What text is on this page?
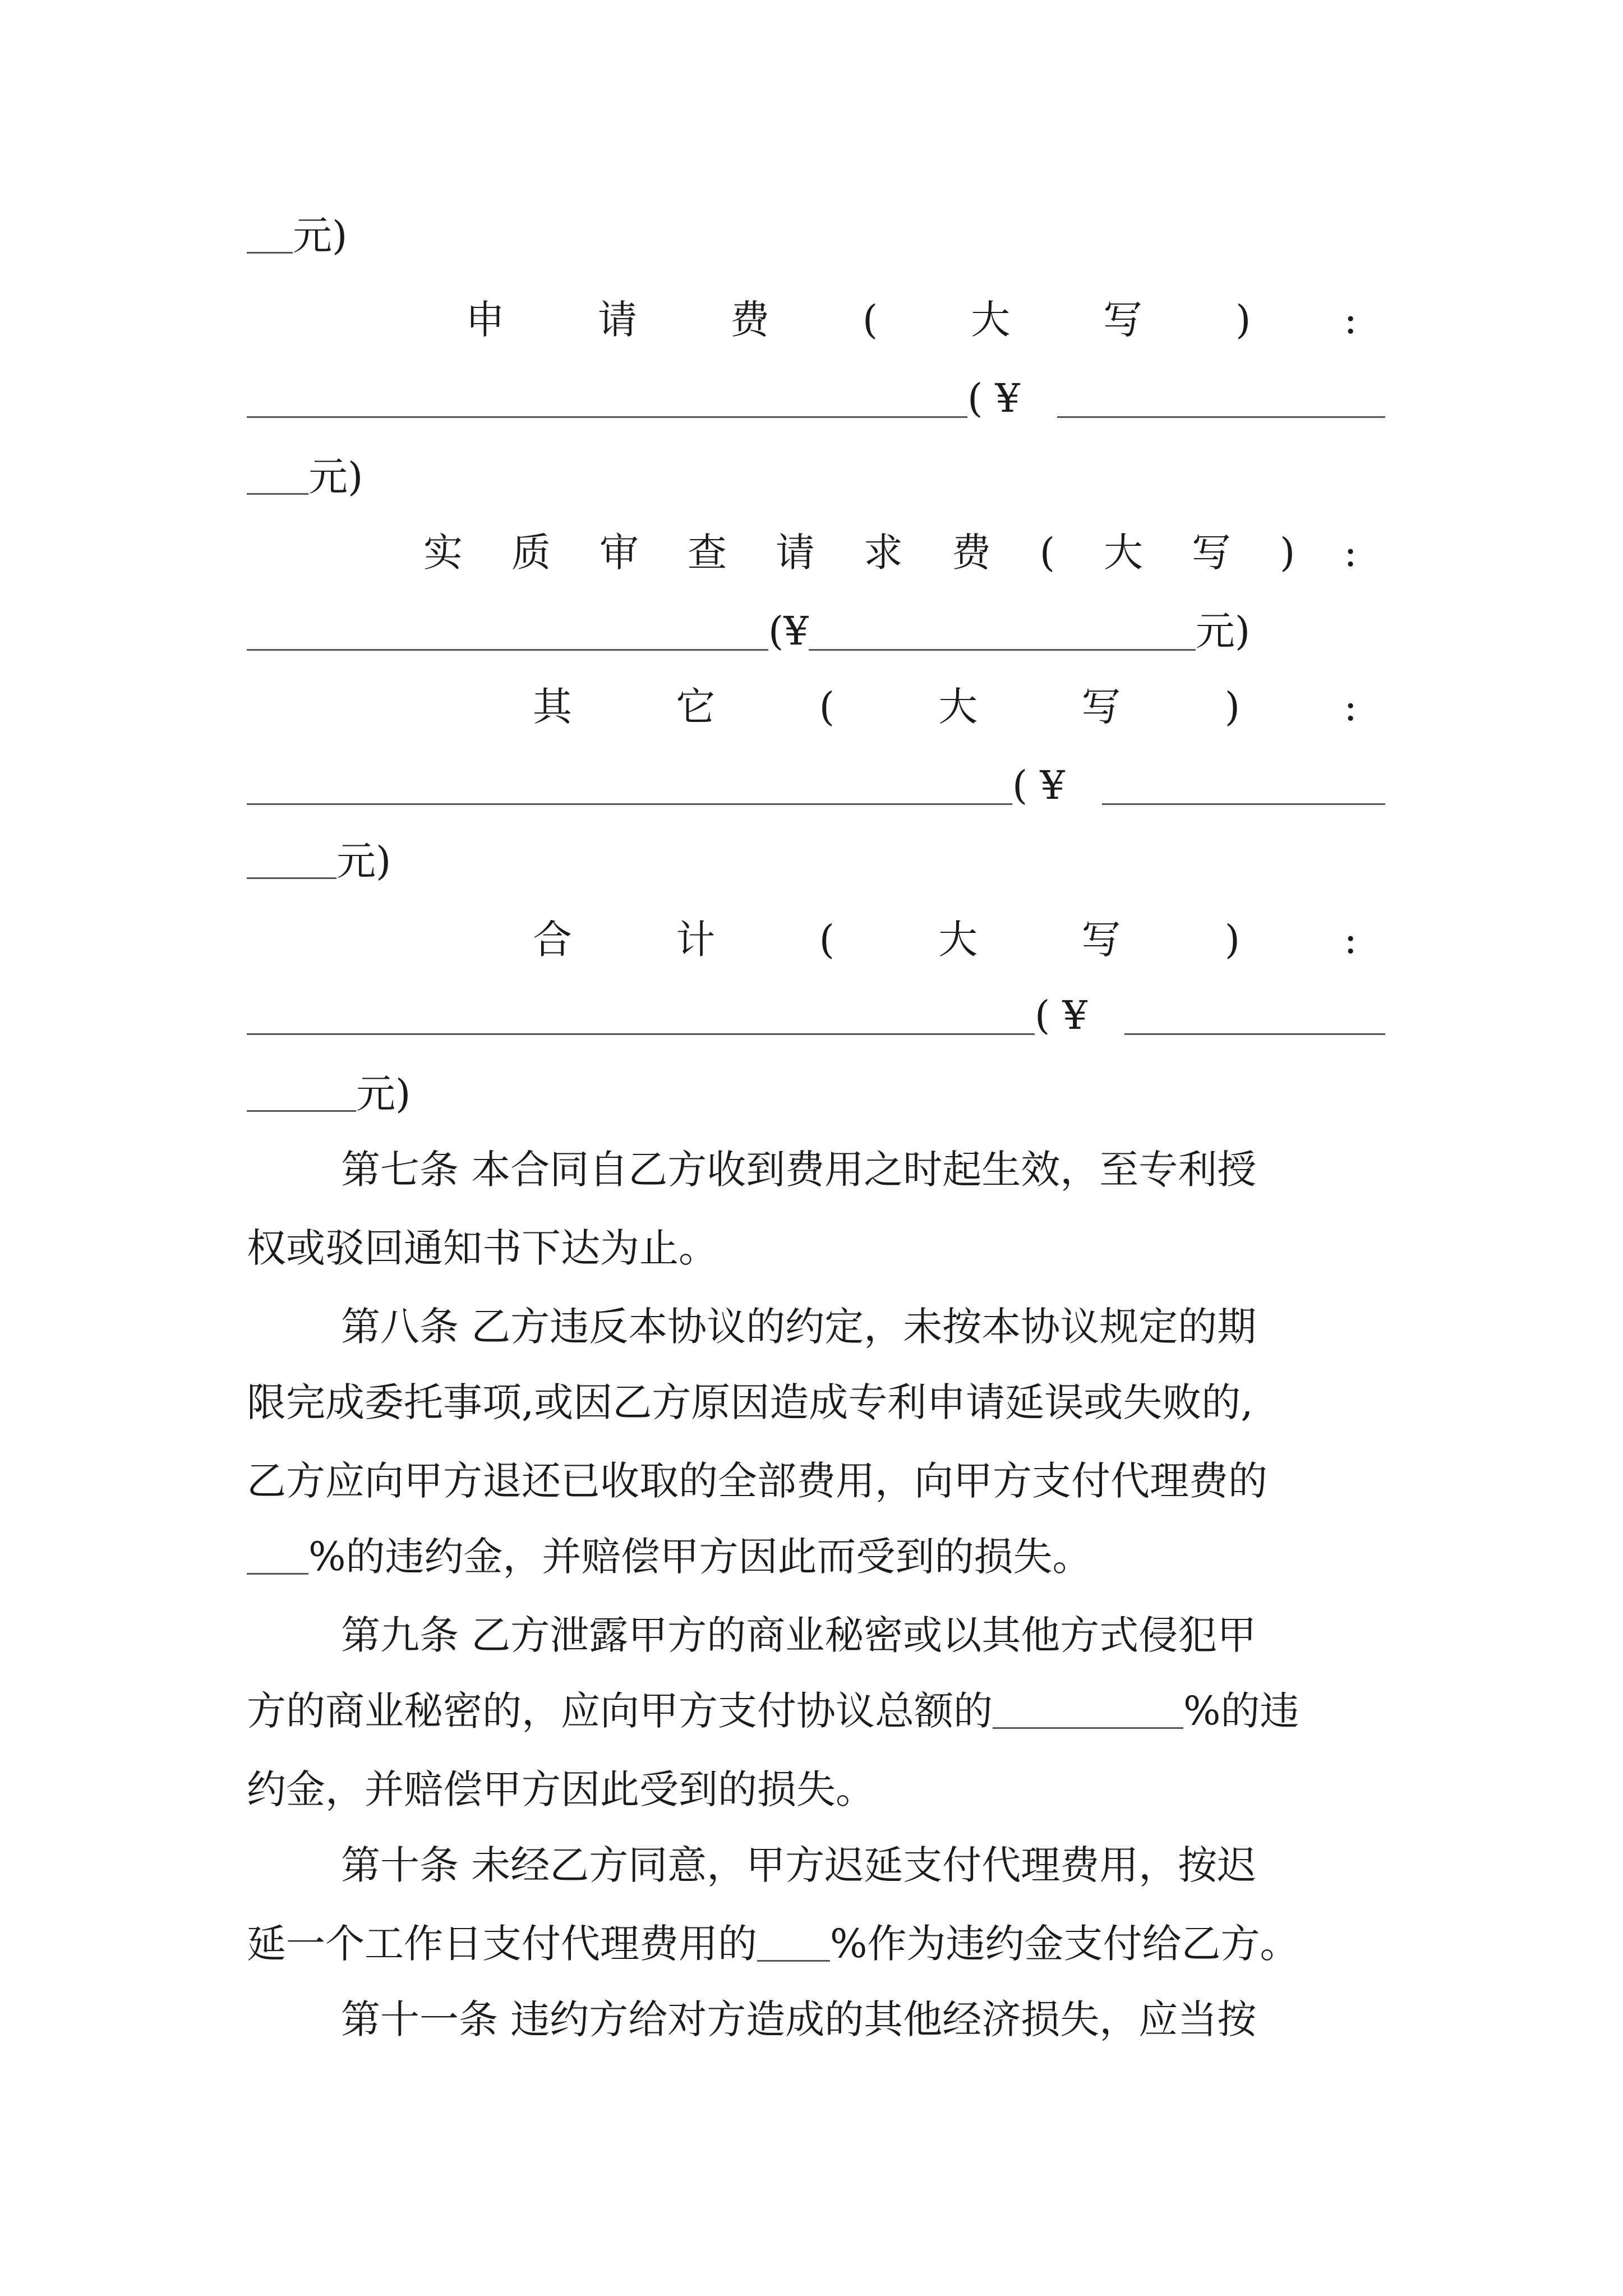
元)
申 请 费 ( 大 写 ) :
( ¥
元)
实 质 审 查 请 求 费 ( 大 写 ) :
(¥	元)
其	它	(	大	写	)	:
( ¥
元)
合	计	(	大	写	)	:
( ¥
元)
第七条 本合同自乙方收到费用之时起生效，至专利授
权或驳回通知书下达为止。
第八条 乙方违反本协议的约定，未按本协议规定的期
限完成委托事项,或因乙方原因造成专利申请延误或失败的,
乙方应向甲方退还已收取的全部费用，向甲方支付代理费的
%的违约金，并赔偿甲方因此而受到的损失。
第九条 乙方泄露甲方的商业秘密或以其他方式侵犯甲
方的商业秘密的，应向甲方支付协议总额的	%的违
约金，并赔偿甲方因此受到的损失。
第十条 未经乙方同意，甲方迟延支付代理费用，按迟
延一个工作日支付代理费用的 %作为违约金支付给乙方。
第十一条 违约方给对方造成的其他经济损失，应当按
